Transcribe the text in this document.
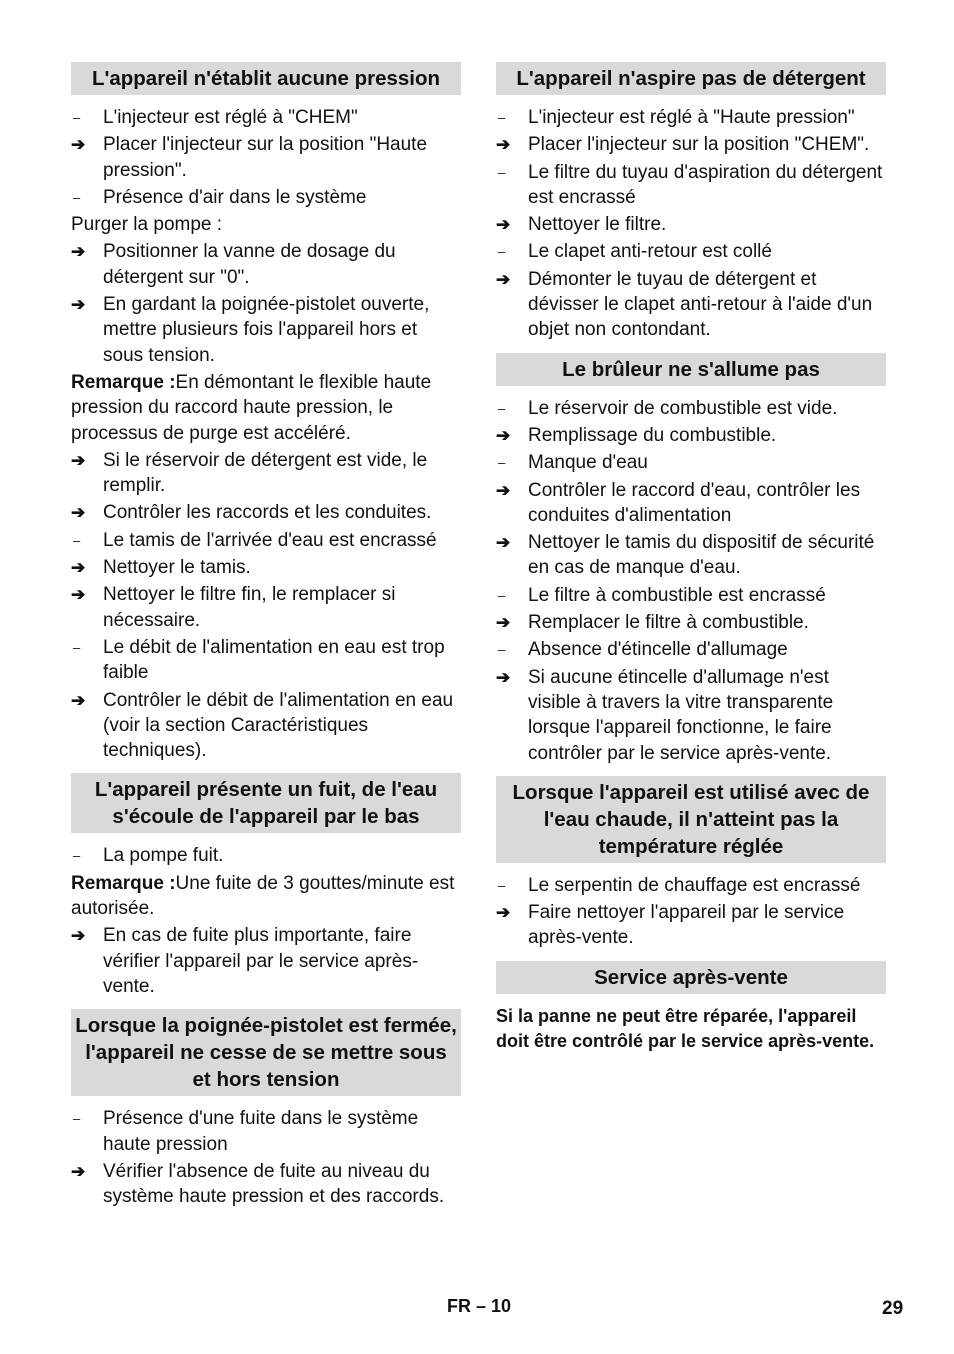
L'appareil n'établit aucune pression
–	L'injecteur est réglé à "CHEM"
➔ Placer l'injecteur sur la position "Haute pression".
–	Présence d'air dans le système
Purger la pompe :
➔ Positionner la vanne de dosage du détergent sur "0".
➔ En gardant la poignée-pistolet ouverte, mettre plusieurs fois l'appareil hors et sous tension.
Remarque :En démontant le flexible haute pression du raccord haute pression, le processus de purge est accéléré.
➔ Si le réservoir de détergent est vide, le remplir.
➔ Contrôler les raccords et les conduites.
–	Le tamis de l'arrivée d'eau est encrassé
➔ Nettoyer le tamis.
➔ Nettoyer le filtre fin, le remplacer si nécessaire.
–	Le débit de l'alimentation en eau est trop faible
➔ Contrôler le débit de l'alimentation en eau (voir la section Caractéristiques techniques).
L'appareil présente un fuit, de l'eau s'écoule de l'appareil par le bas
–	La pompe fuit.
Remarque :Une fuite de 3 gouttes/minute est autorisée.
➔ En cas de fuite plus importante, faire vérifier l'appareil par le service après-vente.
Lorsque la poignée-pistolet est fermée, l'appareil ne cesse de se mettre sous et hors tension
–	Présence d'une fuite dans le système haute pression
➔ Vérifier l'absence de fuite au niveau du système haute pression et des raccords.
L'appareil n'aspire pas de détergent
–	L'injecteur est réglé à "Haute pression"
➔ Placer l'injecteur sur la position "CHEM".
–	Le filtre du tuyau d'aspiration du détergent est encrassé
➔ Nettoyer le filtre.
–	Le clapet anti-retour est collé
➔ Démonter le tuyau de détergent et dévisser le clapet anti-retour à l'aide d'un objet non contondant.
Le brûleur ne s'allume pas
–	Le réservoir de combustible est vide.
➔ Remplissage du combustible.
–	Manque d'eau
➔ Contrôler le raccord d'eau, contrôler les conduites d'alimentation
➔ Nettoyer le tamis du dispositif de sécurité en cas de manque d'eau.
–	Le filtre à combustible est encrassé
➔ Remplacer le filtre à combustible.
–	Absence d'étincelle d'allumage
➔ Si aucune étincelle d'allumage n'est visible à travers la vitre transparente lorsque l'appareil fonctionne, le faire contrôler par le service après-vente.
Lorsque l'appareil est utilisé avec de l'eau chaude, il n'atteint pas la température réglée
–	Le serpentin de chauffage est encrassé
➔ Faire nettoyer l'appareil par le service après-vente.
Service après-vente
Si la panne ne peut être réparée, l'appareil doit être contrôlé par le service après-vente.
FR – 10	29
